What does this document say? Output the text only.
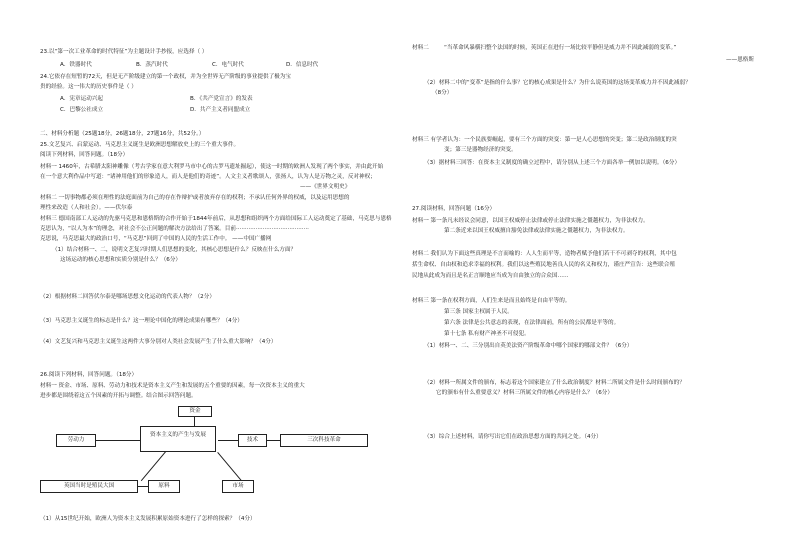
23.以“第一次工业革命的时代特征”为主题设计手抄报，应选择（ ）
A．铁器时代	B．蒸汽时代	C．电气时代	D．信息时代
24.它依存在短暂的72天，但是无产阶级建立的第一个政权，并为全世界无产阶级的事业提供了极为宝
贵的经验。这一伟大的历史事件是（ ）
A．宪章运动兴起	B．《共产党宣言》的发表
C．巴黎公社成立	D．共产主义者同盟成立
二、材料分析题（25题18分，26题18分，27题16分，共52分。）
25.文艺复兴、启蒙运动、马克思主义诞生是欧洲思想解放史上的三个重大事件。
阅读下列材料，回答问题。（18分）
材料一 1460年，古希腊太阳神雕像（考古学家在意大利罗马市中心的古罗马遗址掘起），使这一时期的欧洲人发现了两个事实，并由此开始
在一个意大利作品中写道：“诸神用他们的形象造人，而人是他们的奇迹”。人文主义者歌颂人，张扬人，认为人是万物之灵，反对神权；
——《世界文明史》
材料二 一切事物都必须在理性的法庭面前为自己的存在作辩护或者放弃存在的权利；不承认任何外界的权威，以及运用思想的
理性来改造（人和社会）。——伏尔泰
材料三 德国南部工人运动的先驱马克思和恩格斯的合作开始于1844年前后，从思想和组织两个方面给国际工人运动奠定了基础，马克思与恩格
克思认为，“以人为本”的理念，对社会不公正问题的解决方法给出了答案。目前·········································
克思说，马克思最大的政治口号，“马克思”回到了中国的人民的生活工作中。 ——中国广播网
（1）结合材料一、二，说明文艺复兴时期人们思想的变化，其核心思想是什么？反映在什么方面？
这场运动的核心思想和实质分别是什么？（6分）
（2）根据材料二回答伏尔泰是哪场思想文化运动的代表人物？（2分）
（3）马克思主义诞生的标志是什么？这一理论中国化的理论成果有哪些？（4分）
（4）文艺复兴和马克思主义诞生这两件大事分别对人类社会发展产生了什么重大影响？（4分）
26.阅读下列材料，回答问题。（18分）
材料一 资金、市场、原料、劳动力和技术是资本主义产生和发展的五个重要的因素，每一次资本主义的重大
进步都是围绕着这五个因素的开拓与调整。结合图示回答问题。
资金
劳动力
资本主义的产生与发展
技术	三次科技革命
原料	市场
英国当时是殖民大国
（1）从15世纪开始，欧洲人为资本主义发展积累原始资本进行了怎样的探索？（4分）
材料二	“当革命风暴横扫整个法国的时候，英国正在进行一场比较平静但是威力并不因此减弱的变革。”
——恩格斯
（2）材料二中的“变革”是指的什么事？它的核心成果是什么？为什么说英国的这场变革威力并不因此减弱？
（8分）
材料三 有学者认为：一个民族要崛起，要有三个方面的突变：第一是人心思想的突变；第二是政治制度的突
变；第三是器物经济的突变。
（3）据材料三回答：在资本主义制度的确立过程中，请分别从上述三个方面各举一例加以说明。（6分）
27.阅读材料，回答问题（16分）
材料一 第一条凡未经议会同意，以国王权威停止法律或停止法律实施之僵越权力，为非法权力。
第二条近来以国王权威擅自豁免法律或法律实施之僵越权力，为非法权力。
材料二 我们认为下面这些真理是不言而喻的：人人生而平等，造物者赋予他们若干不可剥夺的权利，其中包
括生命权、自由权和追求幸福的权利。我们以这些殖民地善良人民的名义和权力，谨庄严宣告：这些联合殖
民地从此成为而且是名正言顺地应当成为自由独立的合众国……
材料三 第一条在权利方面，人们生来是而且始终是自由平等的。
第三条 国家主权属于人民。
第六条 法律是公共意志的表现，在法律面前，所有的公民都是平等的。
第十七条 私有财产神圣不可侵犯。
（1）材料一、二、三分别出自英美法资产阶级革命中哪个国家的哪部文件？（6分）
（2）材料一所属文件的颁布，标志着这个国家建立了什么政治制度？材料二所属文件是什么时间颁布的？
它的颁布有什么重要意义？材料三所属文件的核心内容是什么？（6分）
（3）综合上述材料，请你写出它们在政治思想方面的共同之处。（4分）
